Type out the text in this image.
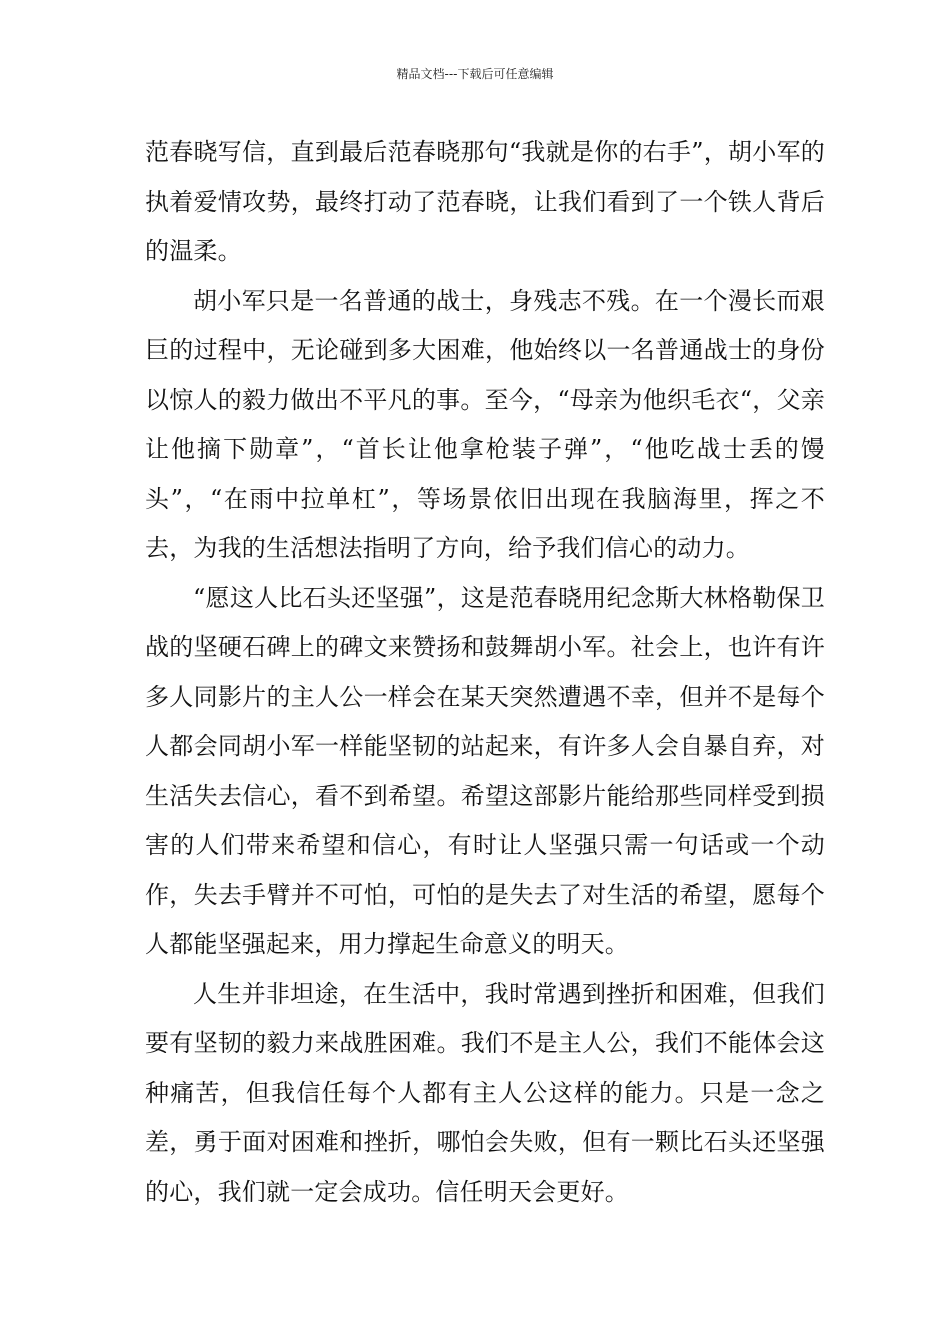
精品文档---下载后可任意编辑

范春晓写信，直到最后范春晓那句“我就是你的右手”，胡小军的执着爱情攻势，最终打动了范春晓，让我们看到了一个铁人背后的温柔。

胡小军只是一名普通的战士，身残志不残。在一个漫长而艰巨的过程中，无论碰到多大困难，他始终以一名普通战士的身份以惊人的毅力做出不平凡的事。至今，“母亲为他织毛衣“，父亲让他摘下勋章”，“首长让他拿枪装子弹”，“他吃战士丢的馒头”，“在雨中拉单杠”，等场景依旧出现在我脑海里，挥之不去，为我的生活想法指明了方向，给予我们信心的动力。

“愿这人比石头还坚强”，这是范春晓用纪念斯大林格勒保卫战的坚硬石碑上的碑文来赞扬和鼓舞胡小军。社会上，也许有许多人同影片的主人公一样会在某天突然遭遇不幸，但并不是每个人都会同胡小军一样能坚韧的站起来，有许多人会自暴自弃，对生活失去信心，看不到希望。希望这部影片能给那些同样受到损害的人们带来希望和信心，有时让人坚强只需一句话或一个动作，失去手臂并不可怕，可怕的是失去了对生活的希望，愿每个人都能坚强起来，用力撑起生命意义的明天。

人生并非坦途，在生活中，我时常遇到挫折和困难，但我们要有坚韧的毅力来战胜困难。我们不是主人公，我们不能体会这种痛苦，但我信任每个人都有主人公这样的能力。只是一念之差，勇于面对困难和挫折，哪怕会失败，但有一颗比石头还坚强的心，我们就一定会成功。信任明天会更好。
